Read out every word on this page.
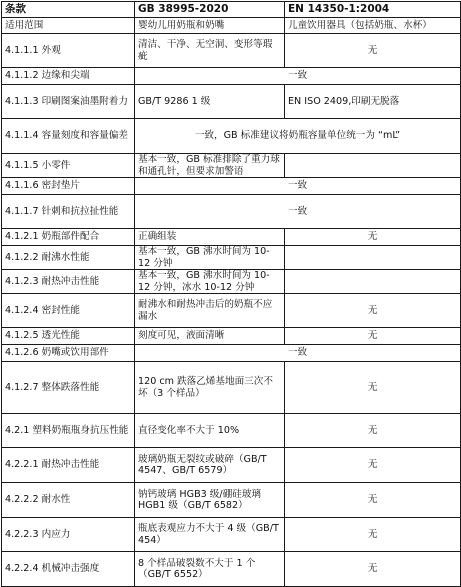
条款	GB 38995-2020	EN 14350-1:2004
适用范围	婴幼儿用奶瓶和奶嘴	儿童饮用器具（包括奶瓶、水杯）
4.1.1.1 外观	清洁、干净、无空洞、变形等瑕疵	无
4.1.1.2 边缘和尖端	一致	
4.1.1.3 印刷图案油墨附着力	GB/T 9286 1 级	EN ISO 2409,印刷无脱落
4.1.1.4 容量刻度和容量偏差	一致，GB 标准建议将奶瓶容量单位统一为 “mL”	
4.1.1.5 小零件	基本一致，GB 标准排除了重力球和通孔针，但要求加警语	
4.1.1.6 密封垫片	一致	
4.1.1.7 针刺和抗拉扯性能	一致	
4.1.2.1 奶瓶部件配合	正确组装	无
4.1.2.2 耐沸水性能	基本一致，GB 沸水时间为 10-12 分钟	
4.1.2.3 耐热冲击性能	基本一致，GB 沸水时间为 10-12 分钟，冰水 10-12 分钟	
4.1.2.4 密封性能	耐沸水和耐热冲击后的奶瓶不应漏水	无
4.1.2.5 透光性能	刻度可见，液面清晰	无
4.1.2.6 奶嘴或饮用部件	一致	
4.1.2.7 整体跌落性能	120 cm 跌落乙烯基地面三次不坏（3 个样品）	无
4.2.1 塑料奶瓶瓶身抗压性能	直径变化率不大于 10%	无
4.2.2.1 耐热冲击性能	玻璃奶瓶无裂纹或破碎（GB/T 4547、GB/T 6579）	无
4.2.2.2 耐水性	钠钙玻璃 HGB3 级/硼硅玻璃 HGB1 级（GB/T 6582）	无
4.2.2.3 内应力	瓶底表观应力不大于 4 级（GB/T 454）	无
4.2.2.4 机械冲击强度	8 个样品破裂数不大于 1 个（GB/T 6552）	无
